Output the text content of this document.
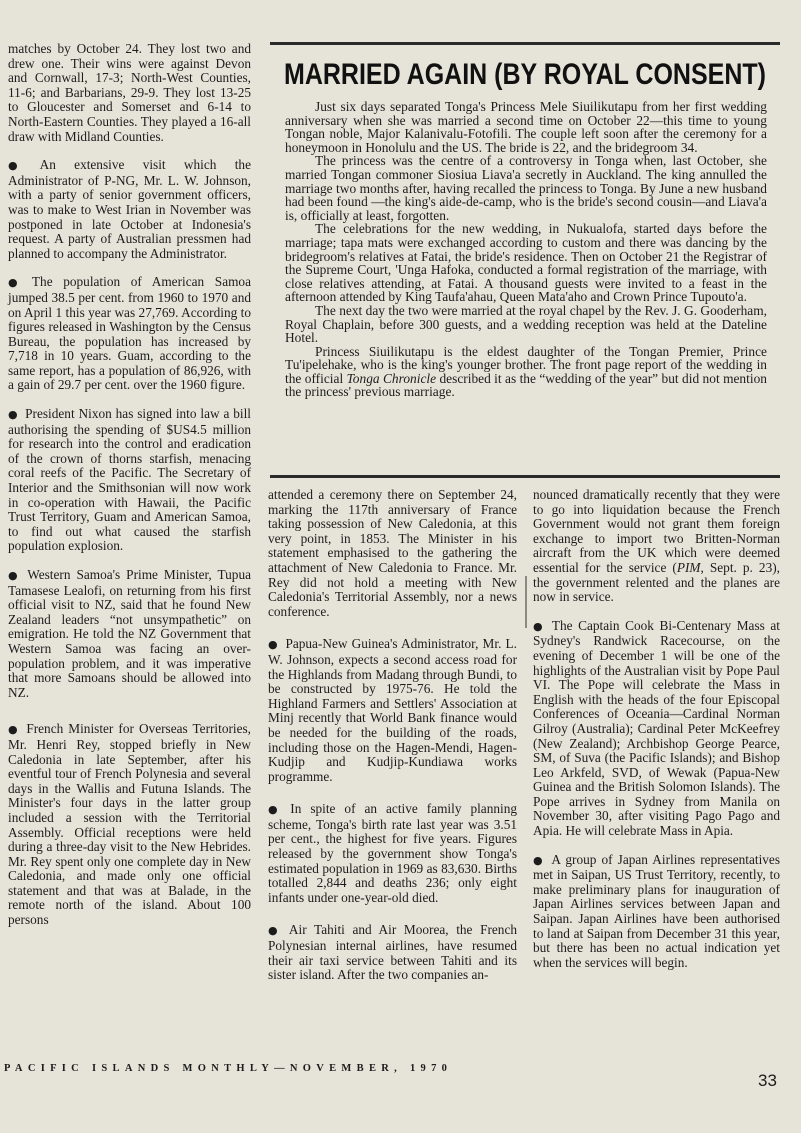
matches by October 24. They lost two and drew one. Their wins were against Devon and Cornwall, 17-3; North-West Counties, 11-6; and Barbarians, 29-9. They lost 13-25 to Gloucester and Somerset and 6-14 to North-Eastern Counties. They played a 16-all draw with Midland Counties.

● An extensive visit which the Administrator of P-NG, Mr. L. W. Johnson, with a party of senior government officers, was to make to West Irian in November was postponed in late October at Indonesia's request. A party of Australian pressmen had planned to accompany the Administrator.

● The population of American Samoa jumped 38.5 per cent. from 1960 to 1970 and on April 1 this year was 27,769. According to figures released in Washington by the Census Bureau, the population has increased by 7,718 in 10 years. Guam, according to the same report, has a population of 86,926, with a gain of 29.7 per cent. over the 1960 figure.

● President Nixon has signed into law a bill authorising the spending of $US4.5 million for research into the control and eradication of the crown of thorns starfish, menacing coral reefs of the Pacific. The Secretary of Interior and the Smithsonian will now work in co-operation with Hawaii, the Pacific Trust Territory, Guam and American Samoa, to find out what caused the starfish population explosion.

● Western Samoa's Prime Minister, Tupua Tamasese Lealofi, on returning from his first official visit to NZ, said that he found New Zealand leaders “not unsympathetic” on emigration. He told the NZ Government that Western Samoa was facing an over-population problem, and it was imperative that more Samoans should be allowed into NZ.

● French Minister for Overseas Territories, Mr. Henri Rey, stopped briefly in New Caledonia in late September, after his eventful tour of French Polynesia and several days in the Wallis and Futuna Islands. The Minister's four days in the latter group included a session with the Territorial Assembly. Official receptions were held during a three-day visit to the New Hebrides. Mr. Rey spent only one complete day in New Caledonia, and made only one official statement and that was at Balade, in the remote north of the island. About 100 persons

MARRIED AGAIN (BY ROYAL CONSENT)

Just six days separated Tonga's Princess Mele Siuilikutapu from her first wedding anniversary when she was married a second time on October 22—this time to young Tongan noble, Major Kalanivalu-Fotofili. The couple left soon after the ceremony for a honeymoon in Honolulu and the US. The bride is 22, and the bridegroom 34.

The princess was the centre of a controversy in Tonga when, last October, she married Tongan commoner Siosiua Liava'a secretly in Auckland. The king annulled the marriage two months after, having recalled the princess to Tonga. By June a new husband had been found —the king's aide-de-camp, who is the bride's second cousin—and Liava'a is, officially at least, forgotten.

The celebrations for the new wedding, in Nukualofa, started days before the marriage; tapa mats were exchanged according to custom and there was dancing by the bridegroom's relatives at Fatai, the bride's residence. Then on October 21 the Registrar of the Supreme Court, 'Unga Hafoka, conducted a formal registration of the marriage, with close relatives attending, at Fatai. A thousand guests were invited to a feast in the afternoon attended by King Taufa'ahau, Queen Mata'aho and Crown Prince Tupouto'a.

The next day the two were married at the royal chapel by the Rev. J. G. Gooderham, Royal Chaplain, before 300 guests, and a wedding reception was held at the Dateline Hotel.

Princess Siuilikutapu is the eldest daughter of the Tongan Premier, Prince Tu'ipelehake, who is the king's younger brother. The front page report of the wedding in the official Tonga Chronicle described it as the “wedding of the year” but did not mention the princess' previous marriage.

attended a ceremony there on September 24, marking the 117th anniversary of France taking possession of New Caledonia, at this very point, in 1853. The Minister in his statement emphasised to the gathering the attachment of New Caledonia to France. Mr. Rey did not hold a meeting with New Caledonia's Territorial Assembly, nor a news conference.

● Papua-New Guinea's Administrator, Mr. L. W. Johnson, expects a second access road for the Highlands from Madang through Bundi, to be constructed by 1975-76. He told the Highland Farmers and Settlers' Association at Minj recently that World Bank finance would be needed for the building of the roads, including those on the Hagen-Mendi, Hagen-Kudjip and Kudjip-Kundiawa works programme.

● In spite of an active family planning scheme, Tonga's birth rate last year was 3.51 per cent., the highest for five years. Figures released by the government show Tonga's estimated population in 1969 as 83,630. Births totalled 2,844 and deaths 236; only eight infants under one-year-old died.

● Air Tahiti and Air Moorea, the French Polynesian internal airlines, have resumed their air taxi service between Tahiti and its sister island. After the two companies an-

nounced dramatically recently that they were to go into liquidation because the French Government would not grant them foreign exchange to import two Britten-Norman aircraft from the UK which were deemed essential for the service (PIM, Sept. p. 23), the government relented and the planes are now in service.

● The Captain Cook Bi-Centenary Mass at Sydney's Randwick Racecourse, on the evening of December 1 will be one of the highlights of the Australian visit by Pope Paul VI. The Pope will celebrate the Mass in English with the heads of the four Episcopal Conferences of Oceania—Cardinal Norman Gilroy (Australia); Cardinal Peter McKeefrey (New Zealand); Archbishop George Pearce, SM, of Suva (the Pacific Islands); and Bishop Leo Arkfeld, SVD, of Wewak (Papua-New Guinea and the British Solomon Islands). The Pope arrives in Sydney from Manila on November 30, after visiting Pago Pago and Apia. He will celebrate Mass in Apia.

● A group of Japan Airlines representatives met in Saipan, US Trust Territory, recently, to make preliminary plans for inauguration of Japan Airlines services between Japan and Saipan. Japan Airlines have been authorised to land at Saipan from December 31 this year, but there has been no actual indication yet when the services will begin.

PACIFIC ISLANDS MONTHLY—NOVEMBER, 1970
33
